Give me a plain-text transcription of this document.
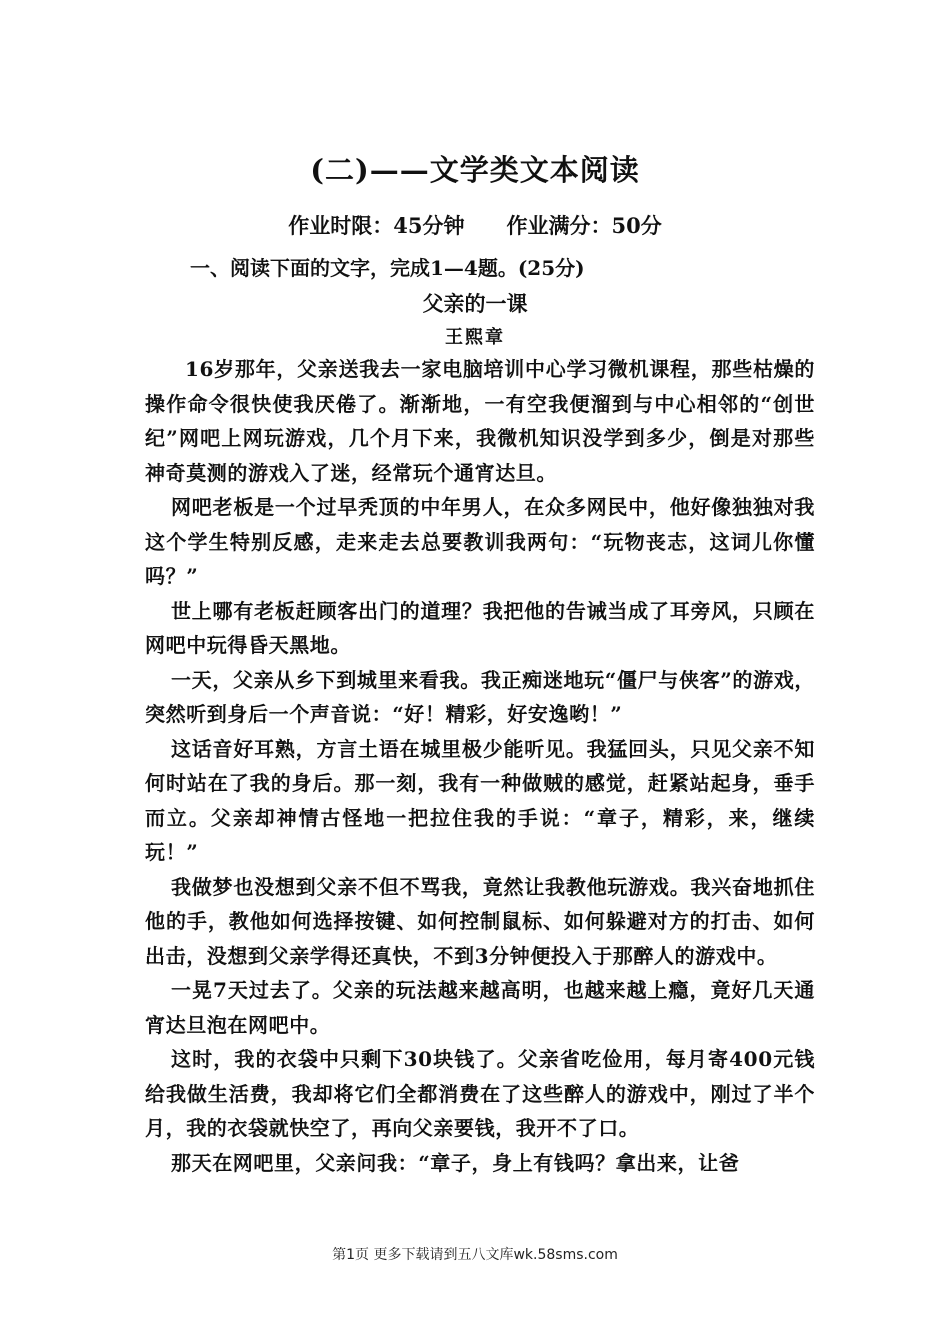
(二)——文学类文本阅读
作业时限：45分钟　　作业满分：50分
一、阅读下面的文字，完成1—4题。(25分)
父亲的一课
王熙章

16岁那年，父亲送我去一家电脑培训中心学习微机课程，那些枯燥的操作命令很快使我厌倦了。渐渐地，一有空我便溜到与中心相邻的“创世纪”网吧上网玩游戏，几个月下来，我微机知识没学到多少，倒是对那些神奇莫测的游戏入了迷，经常玩个通宵达旦。

网吧老板是一个过早秃顶的中年男人，在众多网民中，他好像独独对我这个学生特别反感，走来走去总要教训我两句：“玩物丧志，这词儿你懂吗？”

世上哪有老板赶顾客出门的道理？我把他的告诫当成了耳旁风，只顾在网吧中玩得昏天黑地。

一天，父亲从乡下到城里来看我。我正痴迷地玩“僵尸与侠客”的游戏，突然听到身后一个声音说：“好！精彩，好安逸哟！”

这话音好耳熟，方言土语在城里极少能听见。我猛回头，只见父亲不知何时站在了我的身后。那一刻，我有一种做贼的感觉，赶紧站起身，垂手而立。父亲却神情古怪地一把拉住我的手说：“章子，精彩，来，继续玩！”

我做梦也没想到父亲不但不骂我，竟然让我教他玩游戏。我兴奋地抓住他的手，教他如何选择按键、如何控制鼠标、如何躲避对方的打击、如何出击，没想到父亲学得还真快，不到3分钟便投入于那醉人的游戏中。

一晃7天过去了。父亲的玩法越来越高明，也越来越上瘾，竟好几天通宵达旦泡在网吧中。

这时，我的衣袋中只剩下30块钱了。父亲省吃俭用，每月寄400元钱给我做生活费，我却将它们全都消费在了这些醉人的游戏中，刚过了半个月，我的衣袋就快空了，再向父亲要钱，我开不了口。

那天在网吧里，父亲问我：“章子，身上有钱吗？拿出来，让爸

第1页 更多下载请到五八文库wk.58sms.com
